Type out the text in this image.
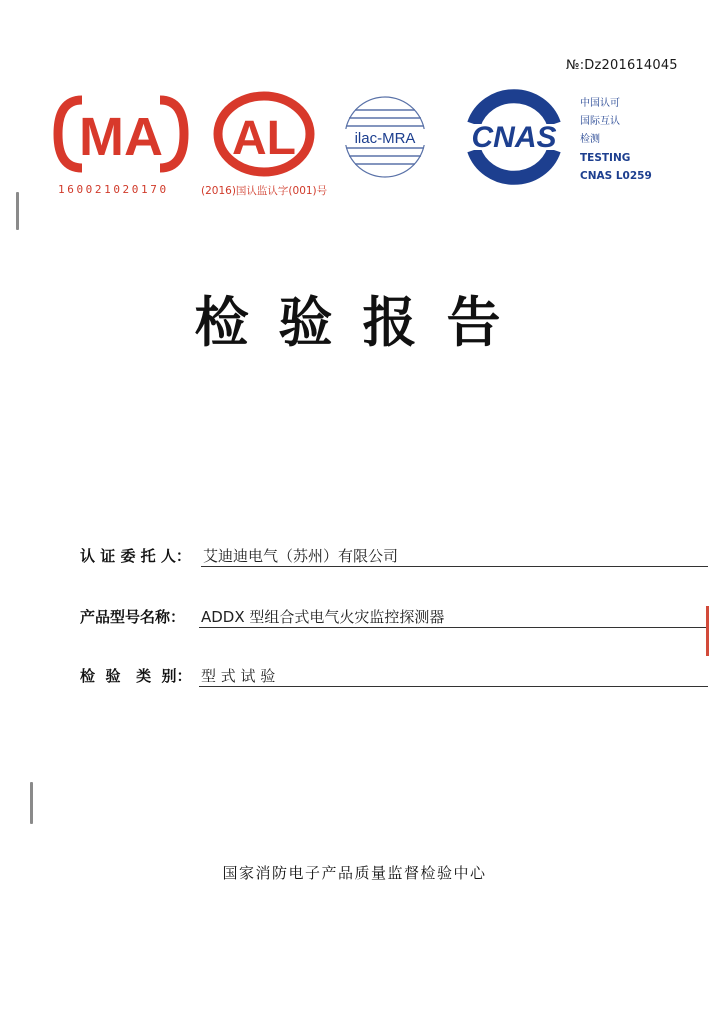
№:Dz201614045
MA
160021020170
AL
(2016)国认监认字(001)号
ilac-MRA CNAS
中国认可
国际互认
检测
TESTING
CNAS L0259
检验报告
认 证 委 托 人： 艾迪迪电气（苏州）有限公司
产品型号名称： ADDX 型组合式电气火灾监控探测器
检  验   类  别： 型 式 试 验
国家消防电子产品质量监督检验中心
